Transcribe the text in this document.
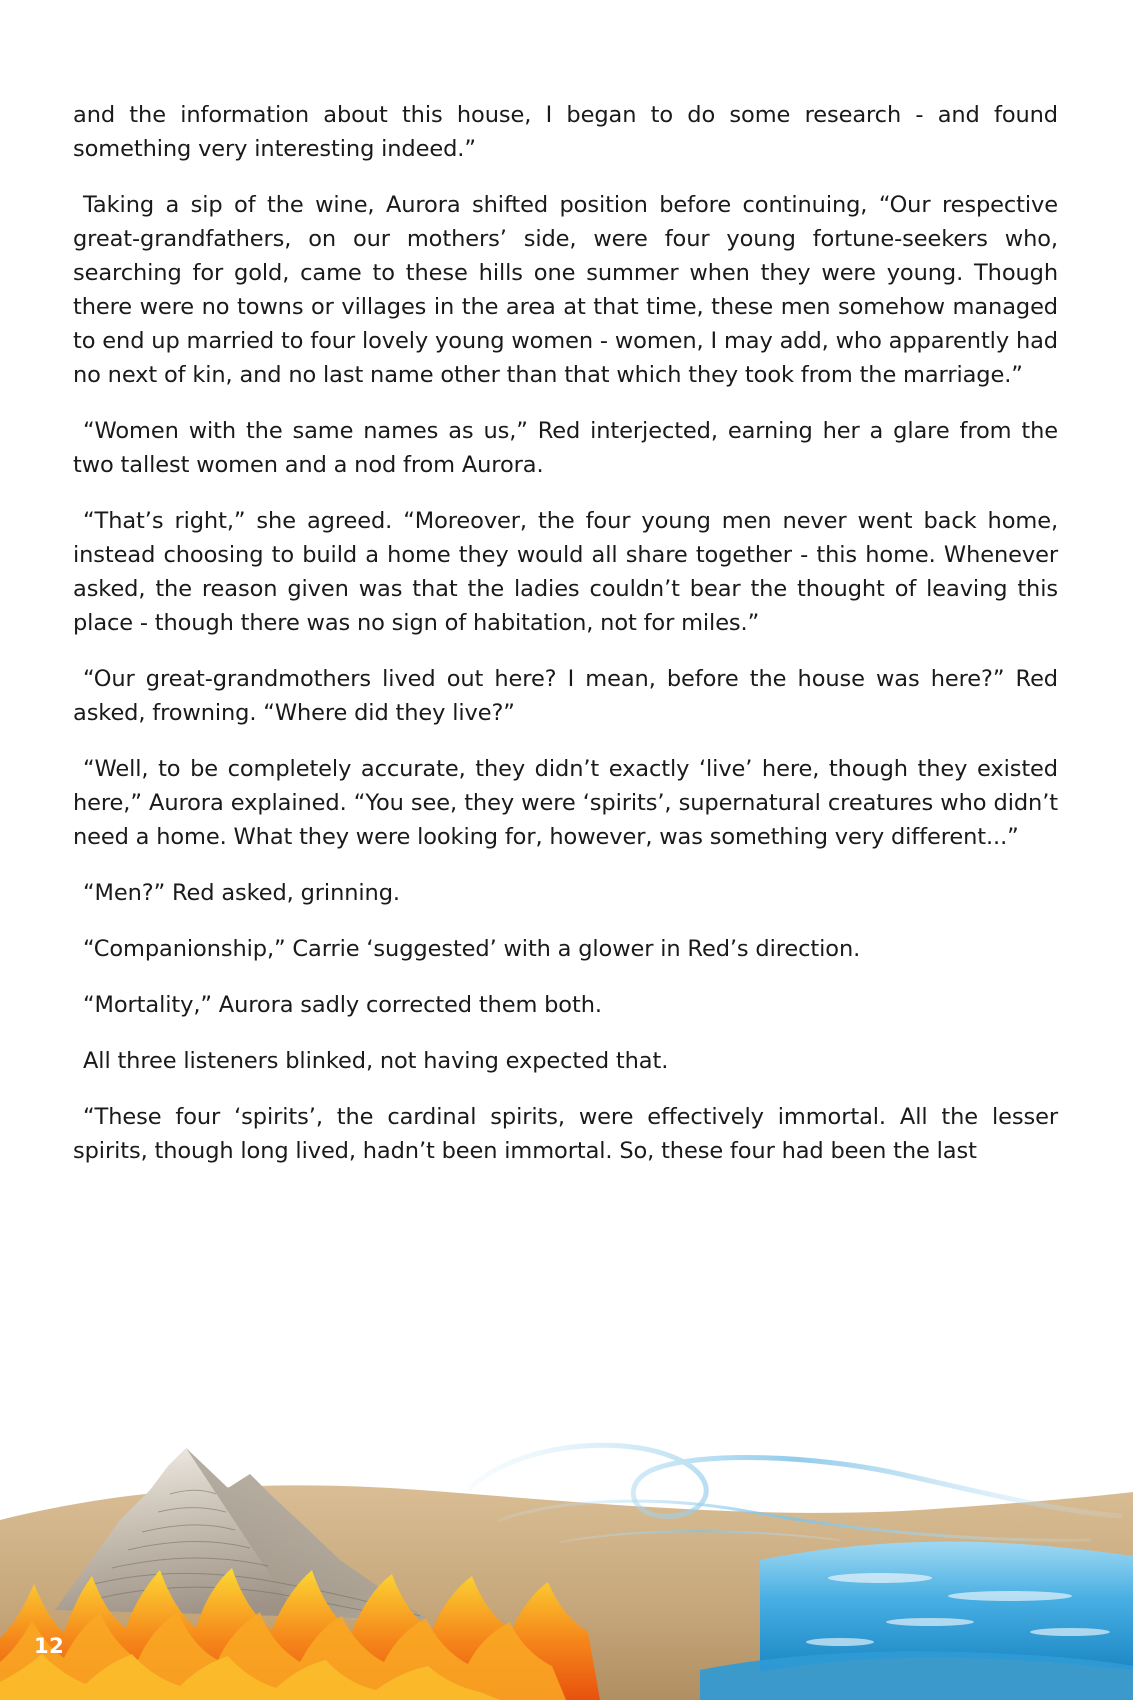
and the information about this house, I began to do some research - and found something very interesting indeed.”

Taking a sip of the wine, Aurora shifted position before continuing, “Our respective great-grandfathers, on our mothers’ side, were four young fortune-seekers who, searching for gold, came to these hills one summer when they were young. Though there were no towns or villages in the area at that time, these men somehow managed to end up married to four lovely young women - women, I may add, who apparently had no next of kin, and no last name other than that which they took from the marriage.”

“Women with the same names as us,” Red interjected, earning her a glare from the two tallest women and a nod from Aurora.

“That’s right,” she agreed. “Moreover, the four young men never went back home, instead choosing to build a home they would all share together - this home. Whenever asked, the reason given was that the ladies couldn’t bear the thought of leaving this place - though there was no sign of habitation, not for miles.”

“Our great-grandmothers lived out here? I mean, before the house was here?” Red asked, frowning. “Where did they live?”

“Well, to be completely accurate, they didn’t exactly ‘live’ here, though they existed here,” Aurora explained. “You see, they were ‘spirits’, supernatural creatures who didn’t need a home. What they were looking for, however, was something very different...”

“Men?” Red asked, grinning.

“Companionship,” Carrie ‘suggested’ with a glower in Red’s direction.

“Mortality,” Aurora sadly corrected them both.

All three listeners blinked, not having expected that.

“These four ‘spirits’, the cardinal spirits, were effectively immortal. All the lesser spirits, though long lived, hadn’t been immortal. So, these four had been the last

12
